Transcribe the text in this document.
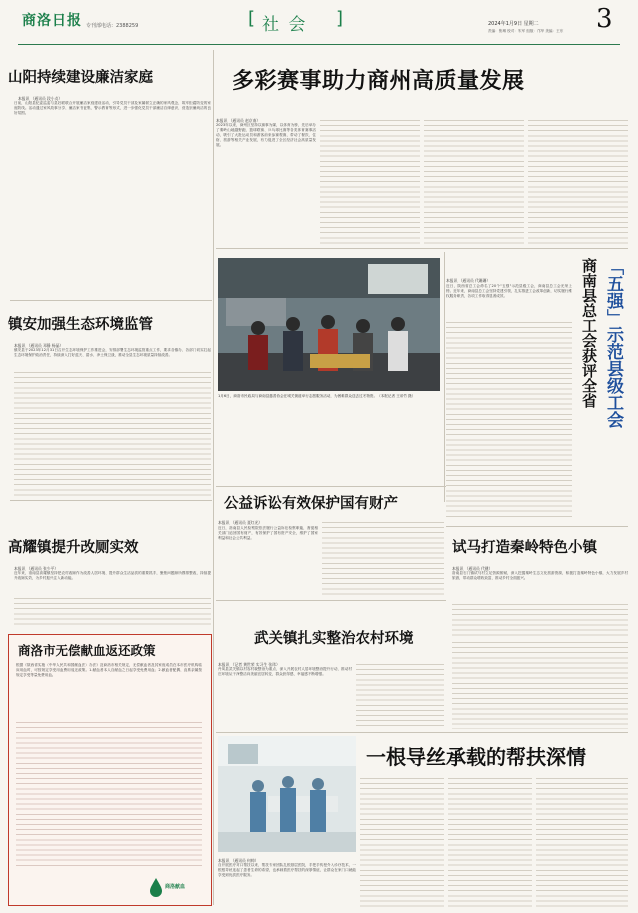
商洛日报 专刊部电话：2388259	社 会
[	]	2024年1月9日 星期二
责编：焦琳 校对：朱军 组版：邝华 美编：王东 3
山阳持续建设廉洁家庭
本报讯 （通讯员 段小贞）
日前，山阳县纪委监委与县妇联联合开展廉洁家庭建设活动，引导党员干部及家属树立正确的家风观念，筑牢拒腐防变的家庭防线。活动通过家风故事分享、廉洁家书征集、警示教育等形式，进一步强化党员干部廉洁自律意识，营造崇廉尚洁的良好氛围。
多彩赛事助力商州高质量发展
本报讯 （通讯员 赵京南）
2023年以来，商州区坚持以赛事为媒，以体育为桥，先后举办了秦岭山地越野跑、篮球联赛、乒乓球比赛等各类体育赛事活动，吸引了大批运动员和游客前来参赛观赛，带动了餐饮、住宿、旅游等相关产业发展，有力促进了全区经济社会高质量发展。
镇安加强生态环境监管
本报讯 （通讯员 邓静 杨晶）
镇安县于2023年12月31日召开生态环境保护工作推进会，安排部署生态环境监管重点工作，要求各镇办、各部门切实扛起生态环境保护政治责任，持续深入打好蓝天、碧水、净土保卫战，推动全县生态环境质量持续改善。
1月6日，商洛市民政局与商南县慈善协会在城关街道举行志愿服务活动，为困难群众送去过冬物资。（本报记者 王帝竹 摄）	「五强」示范县级工会
商南县总工会获评全省
本报讯 （通讯员 代珊珊）
近日，陕西省总工会命名了20个"五强"示范县级工会，商南县总工会光荣上榜。近年来，商南县总工会坚持党建引领，扎实推进工会改革创新，切实履行维权服务职责，各项工作取得显著成效。
公益诉讼有效保护国有财产
本报讯 （通讯员 聂红光）
近日，洛南县人民检察院依法履行公益诉讼检察职能，督促相关部门追回国有财产，有效保护了国有资产安全，维护了国家利益和社会公共利益。
高耀镇提升改厕实效
本报讯 （通讯员 张少平）
近年来，洛南县高耀镇坚持把农村改厕作为改善人居环境、提升群众生活品质的重要抓手，聚焦问题厕所摸排整改，持续提升改厕实效，为乡村振兴注入新动能。
试马打造秦岭特色小镇
本报讯 （通讯员 代健）
洛南县石门镇试马村立足资源禀赋，深入挖掘秦岭生态文化旅游资源，积极打造秦岭特色小镇，大力发展乡村旅游，带动群众增收致富，推动乡村全面振兴。
武关镇扎实整治农村环境
本报讯 （记者 黄世荣 实习生 张玮）
丹凤县武关镇以村容村貌整治为重点，深入开展农村人居环境整治提升行动，推动村庄环境从干净整洁向美丽宜居转变，群众获得感、幸福感不断增强。
商洛市无偿献血返还政策
根据《陕西省实施〈中华人民共和国献血法〉办法》及商洛市相关规定，无偿献血者及其家庭成员在本市医疗机构临床用血时，可按规定享受用血费用返还政策。1.献血者本人自献血之日起享受免费用血；2.献血者配偶、直系亲属按规定享受等量免费用血。
商洛献血
一根导丝承载的帮扶深情
本报讯 （通讯员 何帅）
自开展医疗对口帮扶以来，帮扶专家团队扎根基层医院，手把手传授介入诊疗技术，一根根导丝连起了患者生命的希望，也承载着医疗帮扶的深厚情谊，让群众在家门口就能享受到优质医疗服务。
